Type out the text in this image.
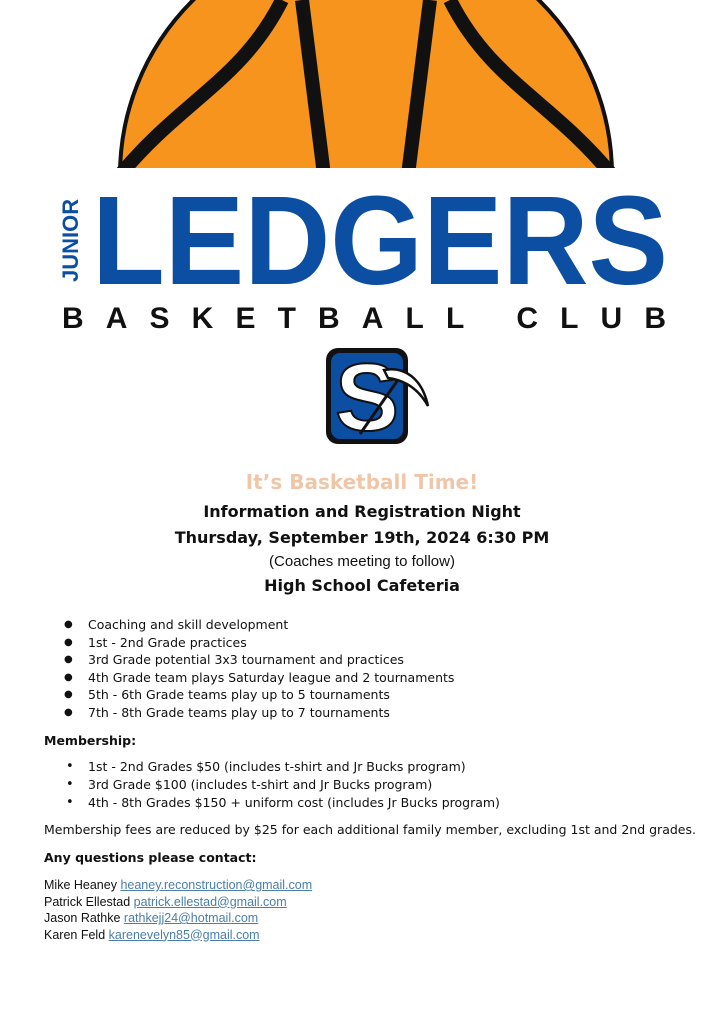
JUNIOR LEDGERS
BASKETBALL CLUB
S
It’s Basketball Time!
Information and Registration Night
Thursday, September 19th, 2024 6:30 PM
(Coaches meeting to follow)
High School Cafeteria
● Coaching and skill development
● 1st - 2nd Grade practices
● 3rd Grade potential 3x3 tournament and practices
● 4th Grade team plays Saturday league and 2 tournaments
● 5th - 6th Grade teams play up to 5 tournaments
● 7th - 8th Grade teams play up to 7 tournaments
Membership:
• 1st - 2nd Grades $50 (includes t-shirt and Jr Bucks program)
• 3rd Grade $100 (includes t-shirt and Jr Bucks program)
• 4th - 8th Grades $150 + uniform cost (includes Jr Bucks program)
Membership fees are reduced by $25 for each additional family member, excluding 1st and 2nd grades.
Any questions please contact:
Mike Heaney heaney.reconstruction@gmail.com
Patrick Ellestad patrick.ellestad@gmail.com
Jason Rathke rathkejj24@hotmail.com
Karen Feld karenevelyn85@gmail.com
